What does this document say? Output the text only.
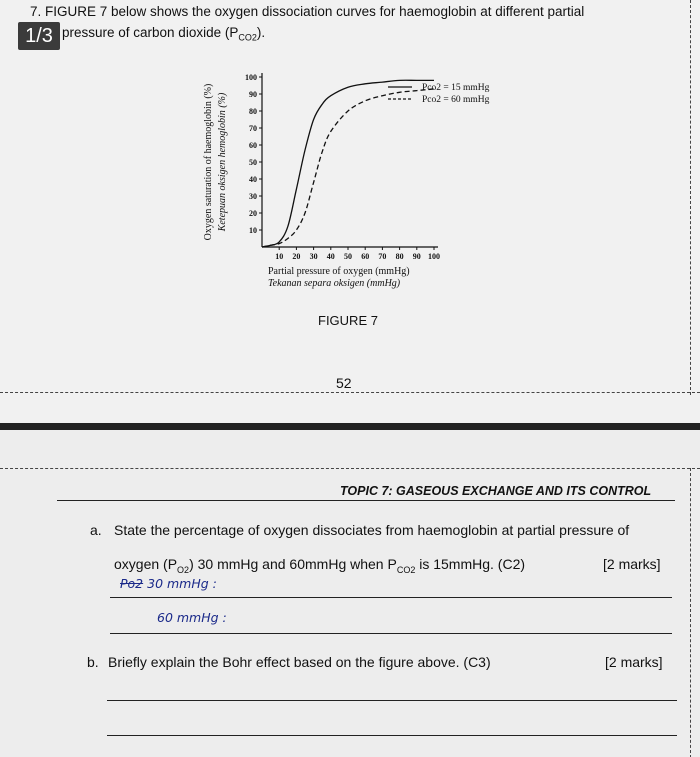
7. FIGURE 7 below shows the oxygen dissociation curves for haemoglobin at different partial
pressure of carbon dioxide $(P_{CO2})$.
1/3
10
20
30
40
50
60
70
80
90
100
10 20 30 40 50 60 70 80 90 100
Partial pressure of oxygen (mmHg)
Tekanan separa oksigen (mmHg)
Oxygen saturation of haemoglobin (%) Ketepuan oksigen hemoglobin (%)
Pco2 = 15 mmHg
Pco2 = 60 mmHg
FIGURE 7
52
TOPIC 7: GASEOUS EXCHANGE AND ITS CONTROL
a. State the percentage of oxygen dissociates from haemoglobin at partial pressure of
oxygen $(P_{O2})$ 30 mmHg and 60mmHg when $P_{CO2}$ is 15mmHg. (C2)	[2 marks]
Po2 30 mmHg :
60 mmHg :
b. Briefly explain the Bohr effect based on the figure above. (C3)	[2 marks]
